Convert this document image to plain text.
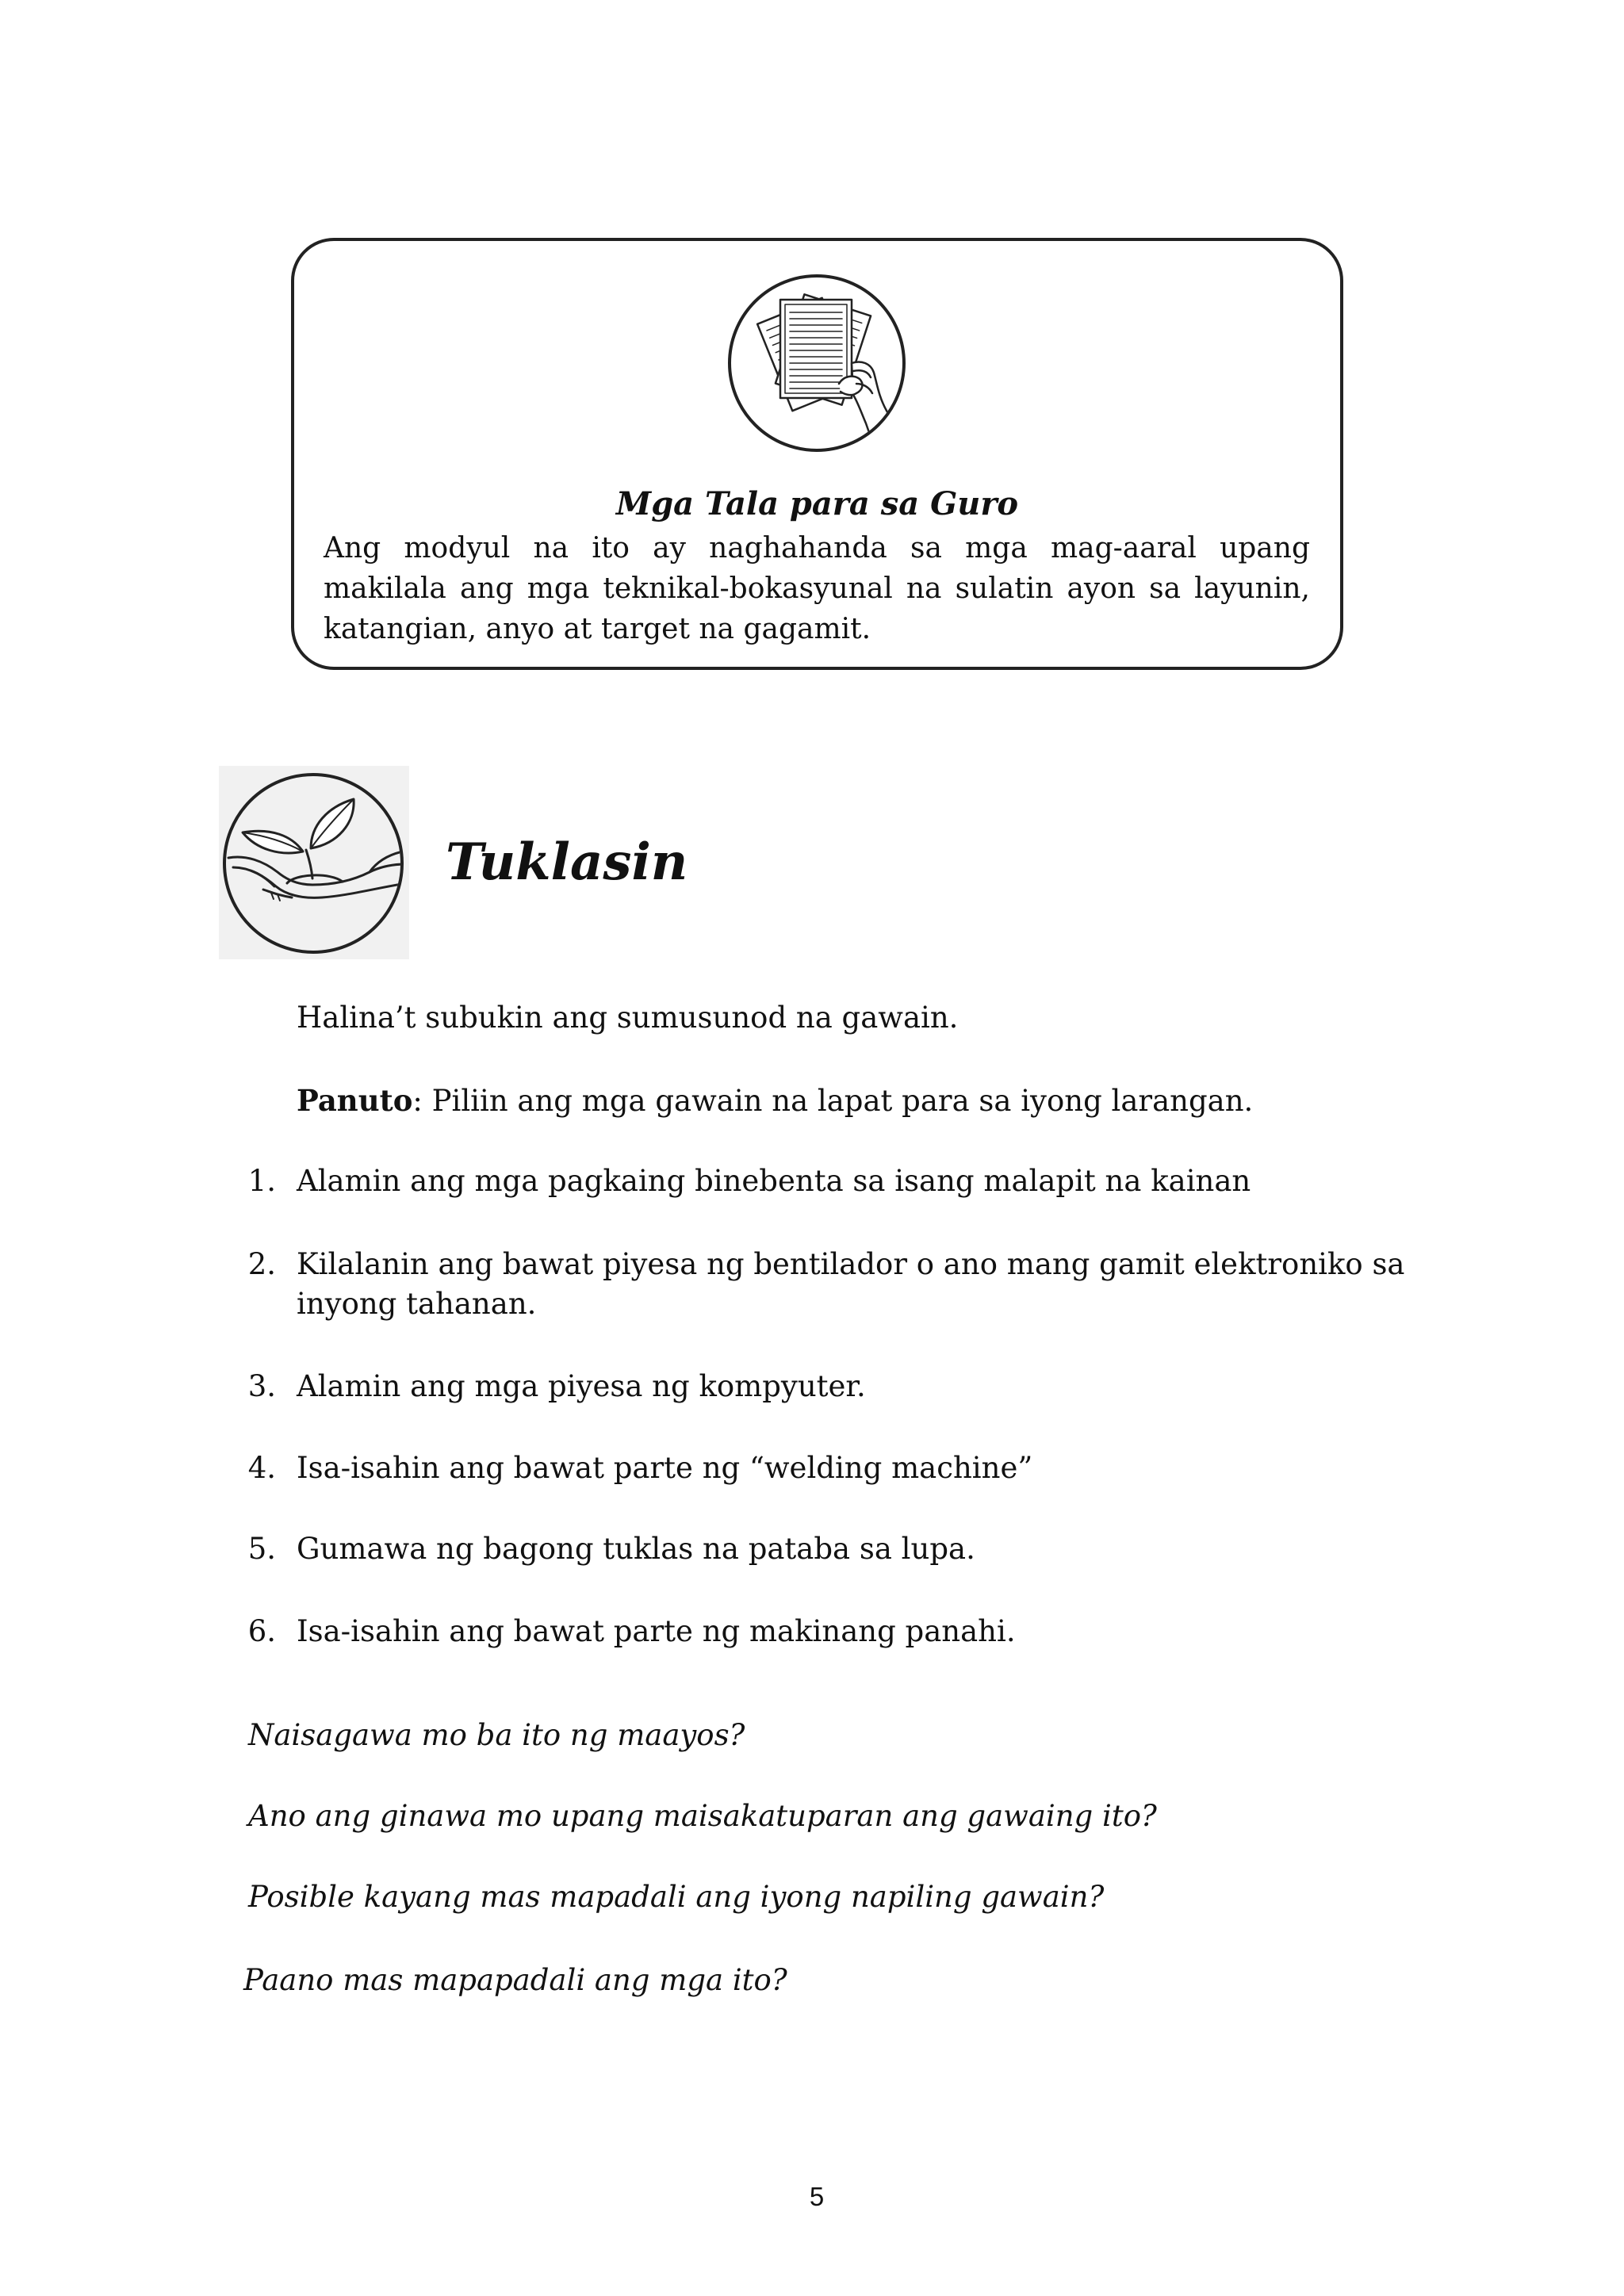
Mga Tala para sa Guro
Ang modyul na ito ay naghahanda sa mga mag-aaral upang
makilala ang mga teknikal-bokasyunal na sulatin ayon sa layunin,
katangian, anyo at target na gagamit.
Tuklasin
Halina’t subukin ang sumusunod na gawain.
Panuto: Piliin ang mga gawain na lapat para sa iyong larangan.
1. Alamin ang mga pagkaing binebenta sa isang malapit na kainan
2. Kilalanin ang bawat piyesa ng bentilador o ano mang gamit elektroniko sa
inyong tahanan.
3. Alamin ang mga piyesa ng kompyuter.
4. Isa-isahin ang bawat parte ng “welding machine”
5. Gumawa ng bagong tuklas na pataba sa lupa.
6. Isa-isahin ang bawat parte ng makinang panahi.
Naisagawa mo ba ito ng maayos?
Ano ang ginawa mo upang maisakatuparan ang gawaing ito?
Posible kayang mas mapadali ang iyong napiling gawain?
Paano mas mapapadali ang mga ito?
5
